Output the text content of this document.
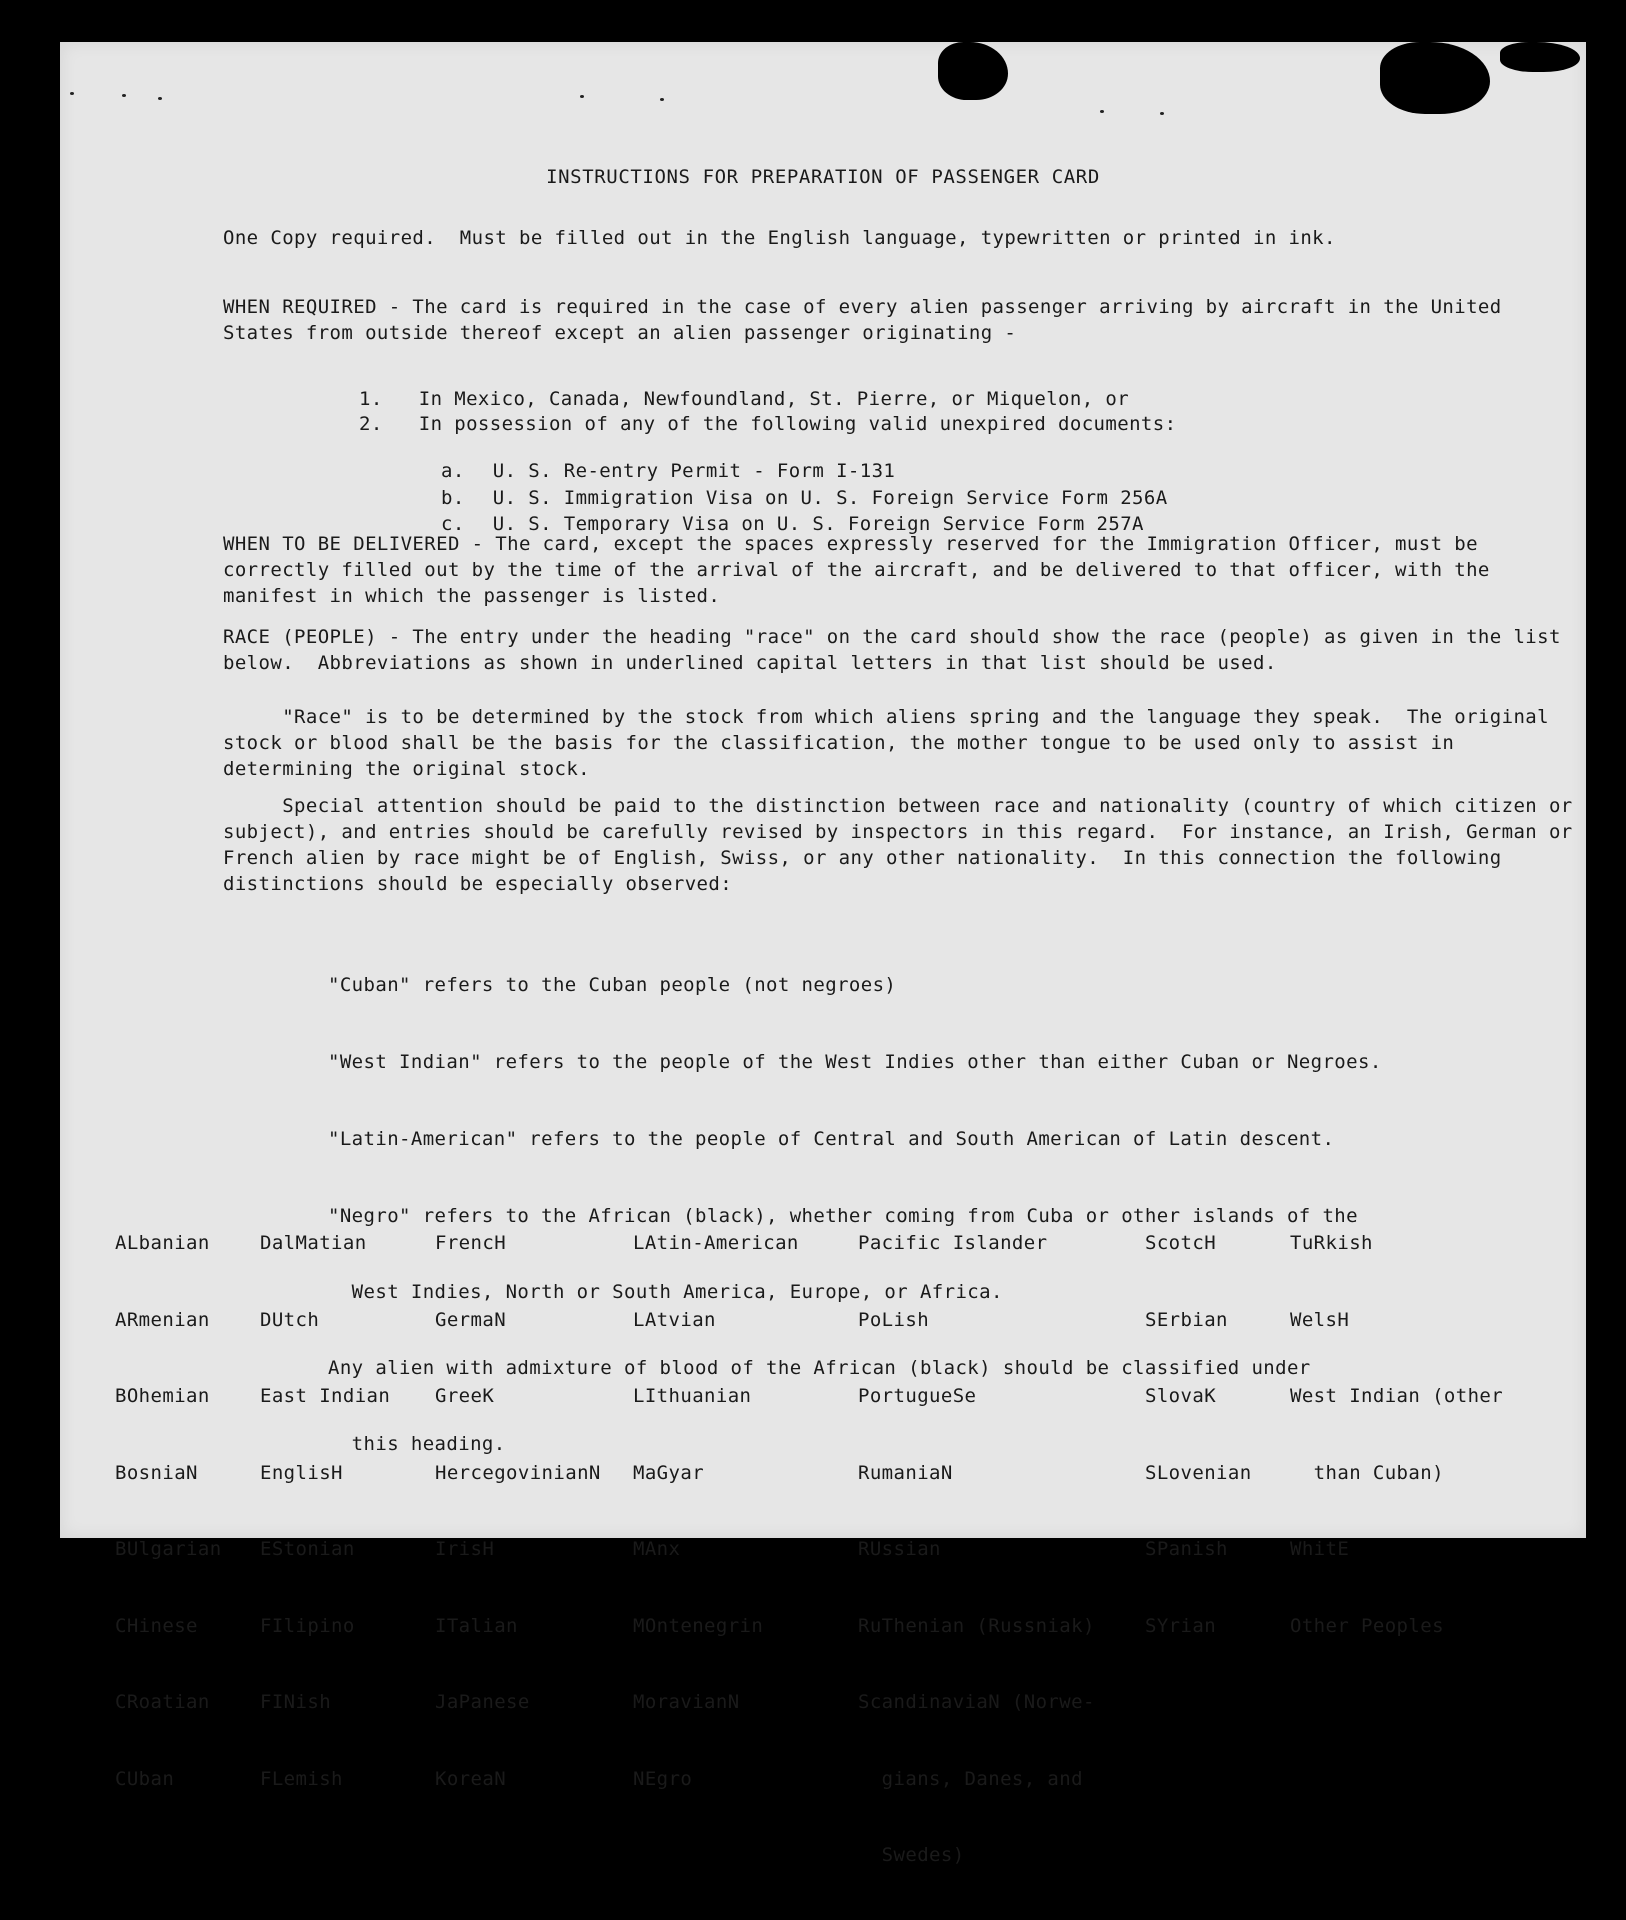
INSTRUCTIONS FOR PREPARATION OF PASSENGER CARD
One Copy required.  Must be filled out in the English language, typewritten or printed in ink.
WHEN REQUIRED - The card is required in the case of every alien passenger arriving by aircraft in the United States from outside thereof except an alien passenger originating -

1. In Mexico, Canada, Newfoundland, St. Pierre, or Miquelon, or

2. In possession of any of the following valid unexpired documents:

a. U. S. Re-entry Permit - Form I-131

b. U. S. Immigration Visa on U. S. Foreign Service Form 256A

c. U. S. Temporary Visa on U. S. Foreign Service Form 257A

WHEN TO BE DELIVERED - The card, except the spaces expressly reserved for the Immigration Officer, must be correctly filled out by the time of the arrival of the aircraft, and be delivered to that officer, with the manifest in which the passenger is listed.
RACE (PEOPLE) - The entry under the heading "race" on the card should show the race (people) as given in the list below.  Abbreviations as shown in underlined capital letters in that list should be used.
"Race" is to be determined by the stock from which aliens spring and the language they speak.  The original stock or blood shall be the basis for the classification, the mother tongue to be used only to assist in determining the original stock.
Special attention should be paid to the distinction between race and nationality (country of which citizen or subject), and entries should be carefully revised by inspectors in this regard.  For instance, an Irish, German or French alien by race might be of English, Swiss, or any other nationality.  In this connection the following distinctions should be especially observed:

"Cuban" refers to the Cuban people (not negroes)

"West Indian" refers to the people of the West Indies other than either Cuban or Negroes.

"Latin-American" refers to the people of Central and South American of Latin descent.

"Negro" refers to the African (black), whether coming from Cuba or other islands of the

West Indies, North or South America, Europe, or Africa.

Any alien with admixture of blood of the African (black) should be classified under

this heading.

ALbanian

ARmenian

BOhemian

BosniaN

BUlgarian

CHinese

CRoatian

CUban

DalMatian

DUtch

East Indian

EnglisH

EStonian

FIlipino

FINish

FLemish

FrencH

GermaN

GreeK

HercegovinianN

IrisH

ITalian

JaPanese

KoreaN

LAtin-American

LAtvian

LIthuanian

MaGyar

MAnx

MOntenegrin

MoravianN

NEgro

Pacific Islander

PoLish

PortugueSe

RumaniaN

RUssian

RuThenian (Russniak)

ScandinaviaN (Norwe-

gians, Danes, and

Swedes)

ScotcH

SErbian

SlovaK

SLovenian

SPanish

SYrian

TuRkish

WelsH

West Indian (other

than Cuban)

WhitE

Other Peoples
